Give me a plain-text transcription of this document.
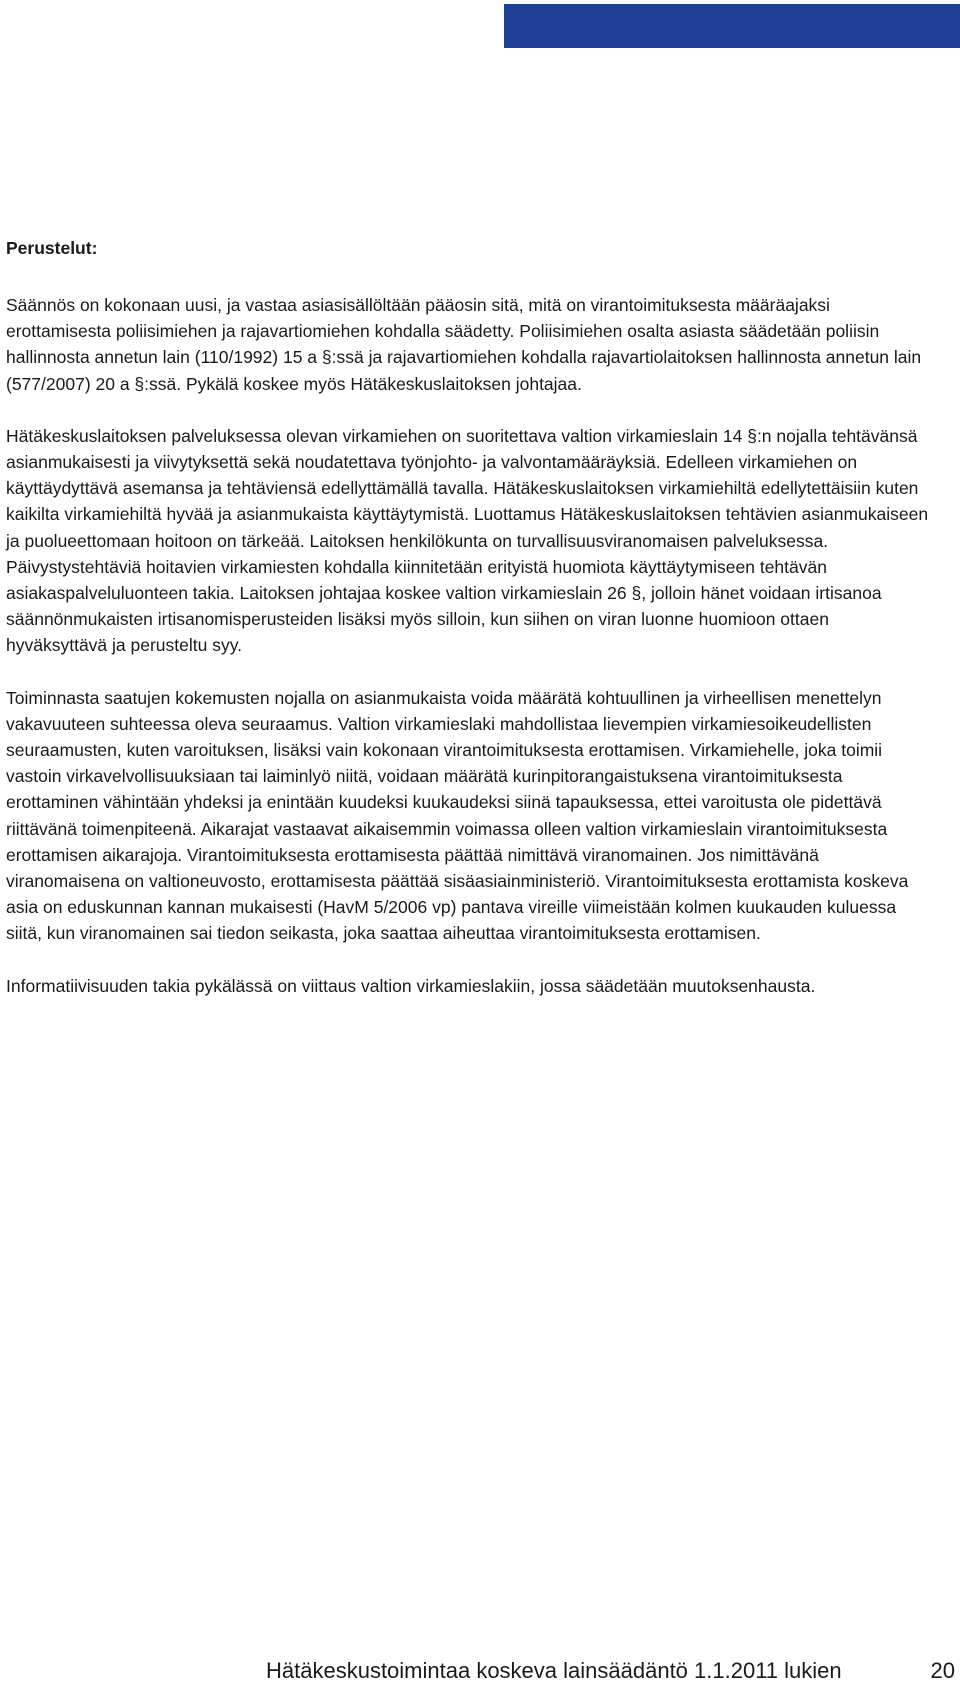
Perustelut:

Säännös on kokonaan uusi, ja vastaa asiasisällöltään pääosin sitä, mitä on virantoimituksesta määräajaksi erottamisesta poliisimiehen ja rajavartiomiehen kohdalla säädetty. Poliisimiehen osalta asiasta säädetään poliisin hallinnosta annetun lain (110/1992) 15 a §:ssä ja rajavartiomiehen kohdalla rajavartiolaitoksen hallinnosta annetun lain (577/2007) 20 a §:ssä. Pykälä koskee myös Hätäkeskuslaitoksen johtajaa.

Hätäkeskuslaitoksen palveluksessa olevan virkamiehen on suoritettava valtion virkamieslain 14 §:n nojalla tehtävänsä asianmukaisesti ja viivytyksettä sekä noudatettava työnjohto- ja valvontamääräyksiä. Edelleen virkamiehen on käyttäydyttävä asemansa ja tehtäviensä edellyttämällä tavalla. Hätäkeskuslaitoksen virkamiehiltä edellytettäisiin kuten kaikilta virkamiehiltä hyvää ja asianmukaista käyttäytymistä. Luottamus Hätäkeskuslaitoksen tehtävien asianmukaiseen ja puolueettomaan hoitoon on tärkeää. Laitoksen henkilökunta on turvallisuusviranomaisen palveluksessa. Päivystystehtäviä hoitavien virkamiesten kohdalla kiinnitetään erityistä huomiota käyttäytymiseen tehtävän asiakaspalveluluonteen takia. Laitoksen johtajaa koskee valtion virkamieslain 26 §, jolloin hänet voidaan irtisanoa säännönmukaisten irtisanomisperusteiden lisäksi myös silloin, kun siihen on viran luonne huomioon ottaen hyväksyttävä ja perusteltu syy.

Toiminnasta saatujen kokemusten nojalla on asianmukaista voida määrätä kohtuullinen ja virheellisen menettelyn vakavuuteen suhteessa oleva seuraamus. Valtion virkamieslaki mahdollistaa lievempien virkamiesoikeudellisten seuraamusten, kuten varoituksen, lisäksi vain kokonaan virantoimituksesta erottamisen. Virkamiehelle, joka toimii vastoin virkavelvollisuuksiaan tai laiminlyö niitä, voidaan määrätä kurinpitorangaistuksena virantoimituksesta erottaminen vähintään yhdeksi ja enintään kuudeksi kuukaudeksi siinä tapauksessa, ettei varoitusta ole pidettävä riittävänä toimenpiteenä. Aikarajat vastaavat aikaisemmin voimassa olleen valtion virkamieslain virantoimituksesta erottamisen aikarajoja. Virantoimituksesta erottamisesta päättää nimittävä viranomainen. Jos nimittävänä viranomaisena on valtioneuvosto, erottamisesta päättää sisäasiainministeriö. Virantoimituksesta erottamista koskeva asia on eduskunnan kannan mukaisesti (HavM 5/2006 vp) pantava vireille viimeistään kolmen kuukauden kuluessa siitä, kun viranomainen sai tiedon seikasta, joka saattaa aiheuttaa virantoimituksesta erottamisen.

Informatiivisuuden takia pykälässä on viittaus valtion virkamieslakiin, jossa säädetään muutoksenhausta.

Hätäkeskustoimintaa koskeva lainsäädäntö 1.1.2011 lukien	20
